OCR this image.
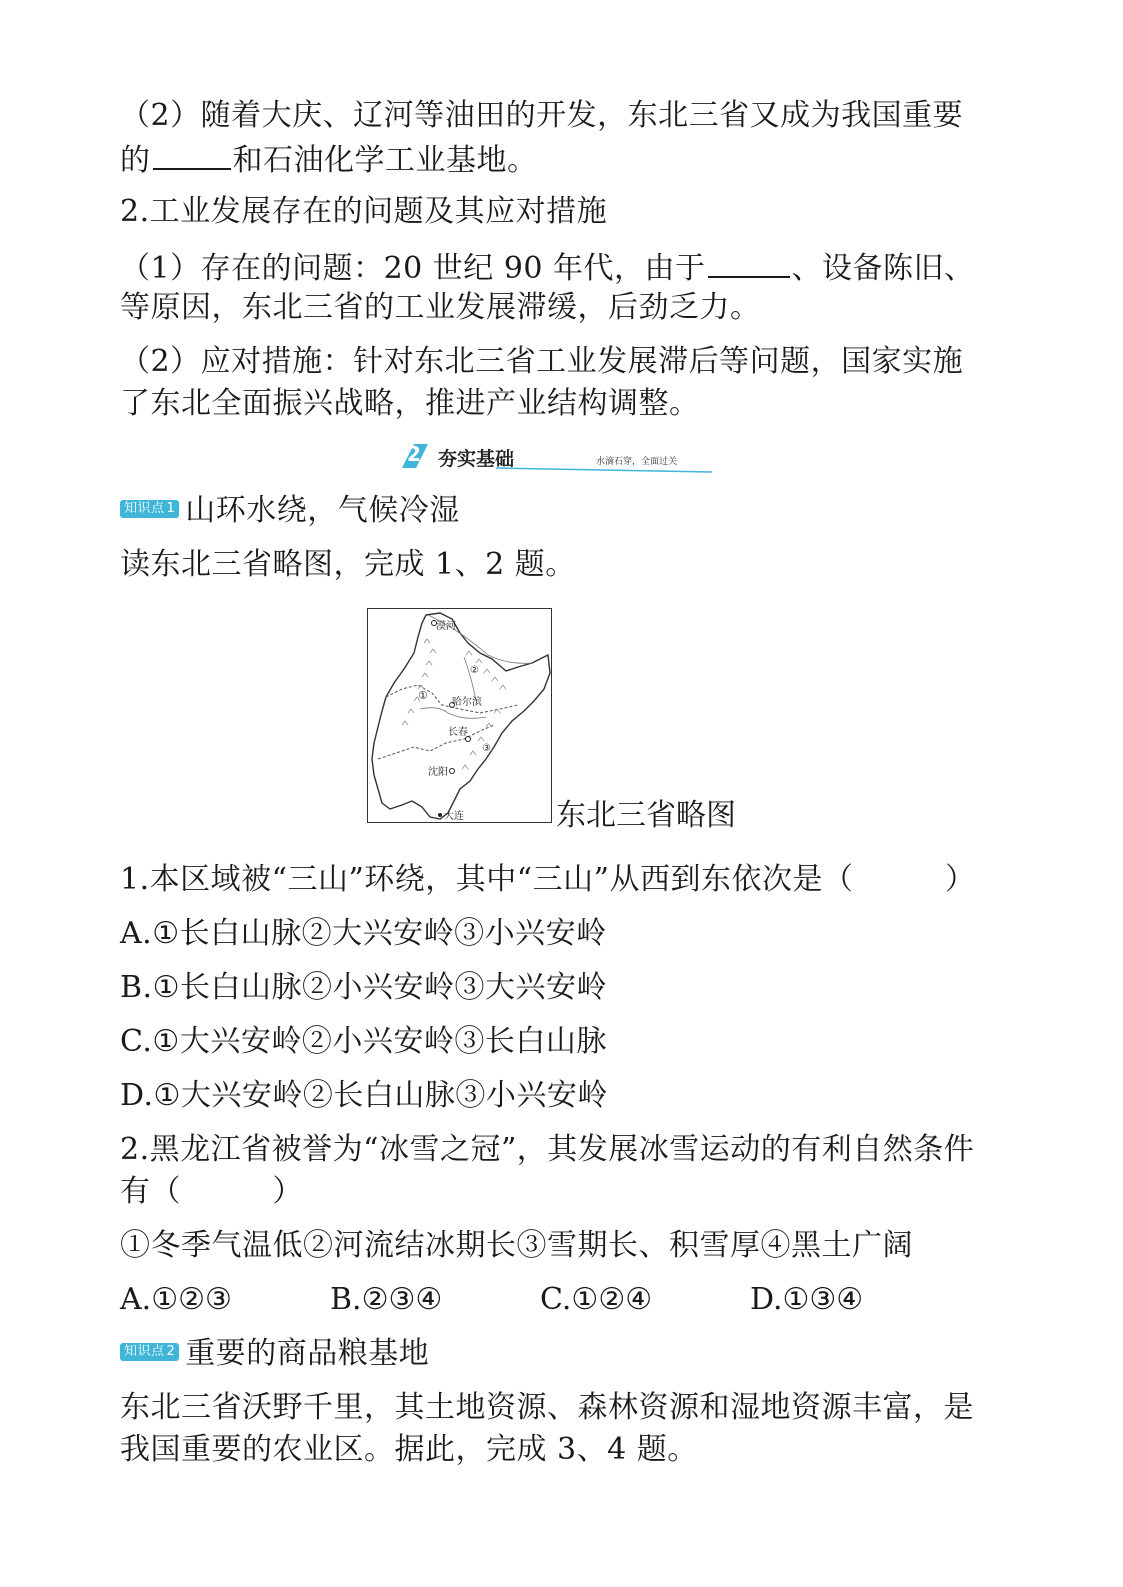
（2）随着大庆、辽河等油田的开发，东北三省又成为我国重要
的	和石油化学工业基地。
2.工业发展存在的问题及其应对措施
（1）存在的问题：20 世纪 90 年代，由于	、设备陈旧、
等原因，东北三省的工业发展滞缓，后劲乏力。
（2）应对措施：针对东北三省工业发展滞后等问题，国家实施
了东北全面振兴战略，推进产业结构调整。
2 夯实基础	水滴石穿，全面过关
知识点 1 山环水绕，气候冷湿
读东北三省略图，完成 1、2 题。
漠河
②
①
哈尔滨
长春
③
沈阳
大连	东北三省略图
1.本区域被“三山”环绕，其中“三山”从西到东依次是（　　　）
A.①长白山脉②大兴安岭③小兴安岭
B.①长白山脉②小兴安岭③大兴安岭
C.①大兴安岭②小兴安岭③长白山脉
D.①大兴安岭②长白山脉③小兴安岭
2.黑龙江省被誉为“冰雪之冠”，其发展冰雪运动的有利自然条件
有（　　　）
①冬季气温低②河流结冰期长③雪期长、积雪厚④黑土广阔
A.①②③	B.②③④	C.①②④	D.①③④
知识点 2 重要的商品粮基地
东北三省沃野千里，其土地资源、森林资源和湿地资源丰富，是
我国重要的农业区。据此，完成 3、4 题。
